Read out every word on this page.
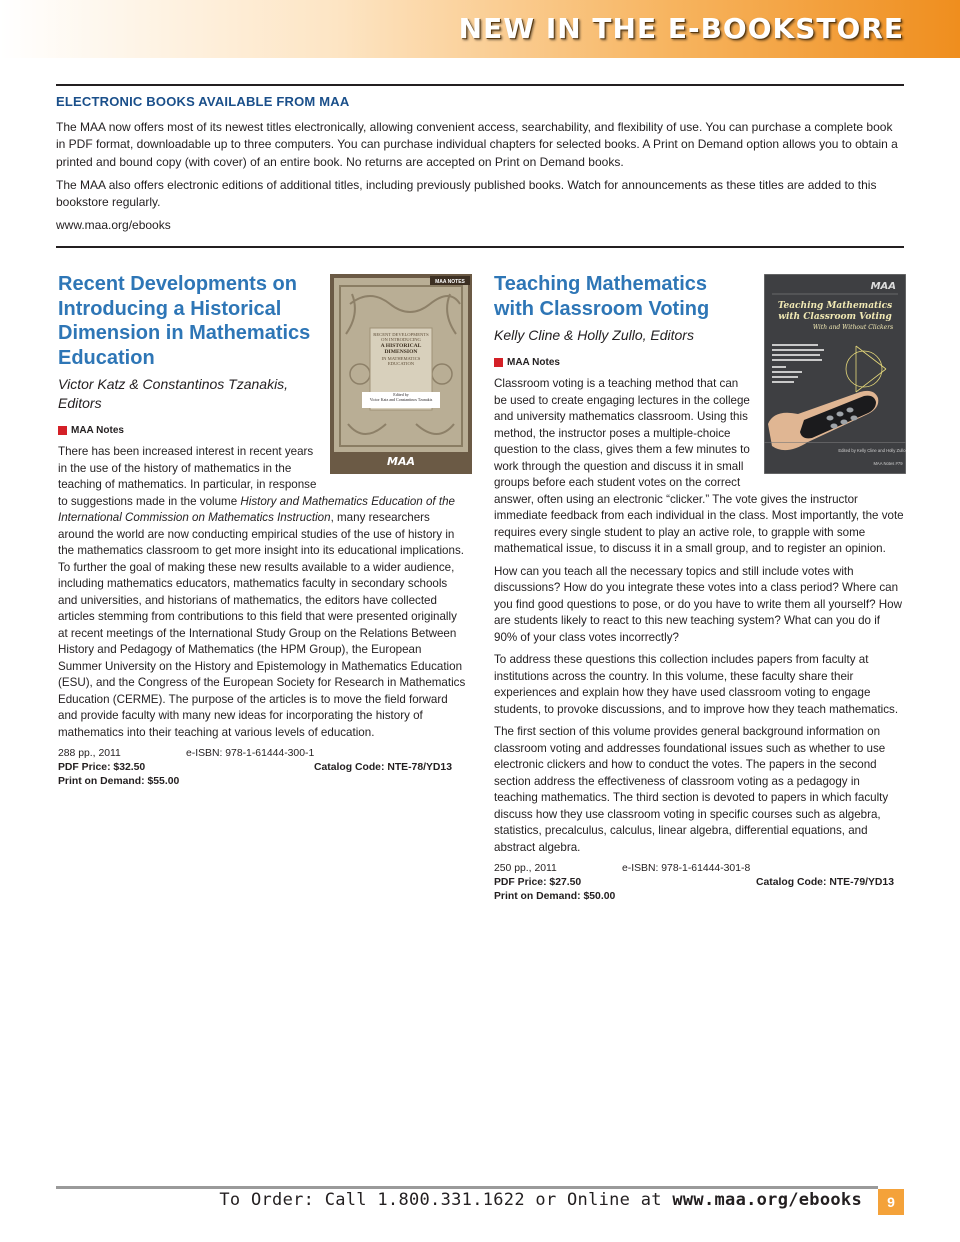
NEW IN THE E-BOOKSTORE
ELECTRONIC BOOKS AVAILABLE FROM MAA

The MAA now offers most of its newest titles electronically, allowing convenient access, searchability, and flexibility of use. You can purchase a complete book in PDF format, downloadable up to three computers. You can purchase individual chapters for selected books. A Print on Demand option allows you to obtain a printed and bound copy (with cover) of an entire book. No returns are accepted on Print on Demand books.

The MAA also offers electronic editions of additional titles, including previously published books. Watch for announcements as these titles are added to this bookstore regularly.

www.maa.org/ebooks

MAA NOTES
RECENT DEVELOPMENTS ON INTRODUCING
A HISTORICAL DIMENSION
IN MATHEMATICS EDUCATION
Edited by
Victor Katz and Constantinos Tzanakis
MAA
Recent Developments on Introducing a Historical Dimension in Mathematics Education
Victor Katz & Constantinos Tzanakis, Editors
MAA Notes

There has been increased interest in recent years in the use of the history of mathematics in the teaching of mathematics. In particular, in response to suggestions made in the volume History and Mathematics Education of the International Commission on Mathematics Instruction, many researchers around the world are now conducting empirical studies of the use of history in the mathematics classroom to get more insight into its educational implications. To further the goal of making these new results available to a wider audience, including mathematics educators, mathematics faculty in secondary schools and universities, and historians of mathematics, the editors have collected articles stemming from contributions to this field that were presented originally at recent meetings of the International Study Group on the Relations Between History and Pedagogy of Mathematics (the HPM Group), the European Summer University on the History and Epistemology in Mathematics Education (ESU), and the Congress of the European Society for Research in Mathematics Education (CERME). The purpose of the articles is to move the field forward and provide faculty with many new ideas for incorporating the history of mathematics into their teaching at various levels of education.

288 pp., 2011	e-ISBN: 978-1-61444-300-1
PDF Price: $32.50	Catalog Code: NTE-78/YD13
Print on Demand: $55.00
MAA
Teaching Mathematics
with Classroom Voting
With and Without Clickers
Edited by Kelly Cline and Holly Zullo
MAA Notes #79
Teaching Mathematics with Classroom Voting
Kelly Cline & Holly Zullo, Editors
MAA Notes

Classroom voting is a teaching method that can be used to create engaging lectures in the college and university mathematics classroom. Using this method, the instructor poses a multiple-choice question to the class, gives them a few minutes to work through the question and discuss it in small groups before each student votes on the correct answer, often using an electronic “clicker.” The vote gives the instructor immediate feedback from each individual in the class. Most importantly, the vote requires every single student to play an active role, to grapple with some mathematical issue, to discuss it in a small group, and to register an opinion.

How can you teach all the necessary topics and still include votes with discussions? How do you integrate these votes into a class period? Where can you find good questions to pose, or do you have to write them all yourself? How are students likely to react to this new teaching system? What can you do if 90% of your class votes incorrectly?

To address these questions this collection includes papers from faculty at institutions across the country. In this volume, these faculty share their experiences and explain how they have used classroom voting to engage students, to provoke discussions, and to improve how they teach mathematics.

The first section of this volume provides general background information on classroom voting and addresses foundational issues such as whether to use electronic clickers and how to conduct the votes. The papers in the second section address the effectiveness of classroom voting as a pedagogy in teaching mathematics. The third section is devoted to papers in which faculty discuss how they use classroom voting in specific courses such as algebra, statistics, precalculus, calculus, linear algebra, differential equations, and abstract algebra.

250 pp., 2011	e-ISBN: 978-1-61444-301-8
PDF Price: $27.50	Catalog Code: NTE-79/YD13
Print on Demand: $50.00
To Order: Call 1.800.331.1622 or Online at www.maa.org/ebooks	9
